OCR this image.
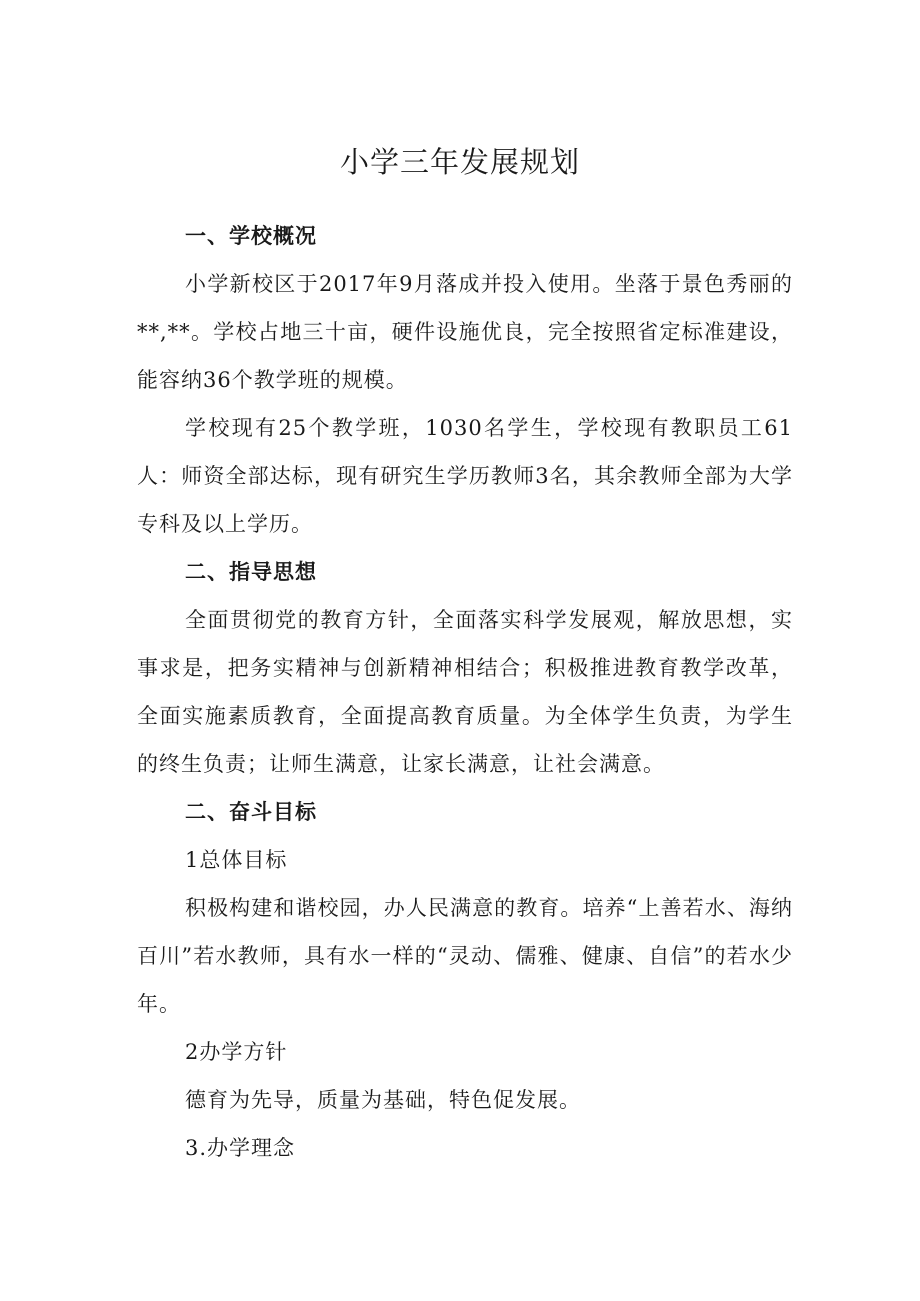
小学三年发展规划
一、学校概况

小学新校区于2017年9月落成并投入使用。坐落于景色秀丽的**,**。学校占地三十亩，硬件设施优良，完全按照省定标准建设，能容纳36个教学班的规模。

学校现有25个教学班，1030名学生，学校现有教职员工61人：师资全部达标，现有研究生学历教师3名，其余教师全部为大学专科及以上学历。

二、指导思想

全面贯彻党的教育方针，全面落实科学发展观，解放思想，实事求是，把务实精神与创新精神相结合；积极推进教育教学改革，全面实施素质教育，全面提高教育质量。为全体学生负责，为学生的终生负责；让师生满意，让家长满意，让社会满意。

二、奋斗目标

1总体目标

积极构建和谐校园，办人民满意的教育。培养“上善若水、海纳百川”若水教师，具有水一样的“灵动、儒雅、健康、自信”的若水少年。

2办学方针

德育为先导，质量为基础，特色促发展。

3.办学理念
